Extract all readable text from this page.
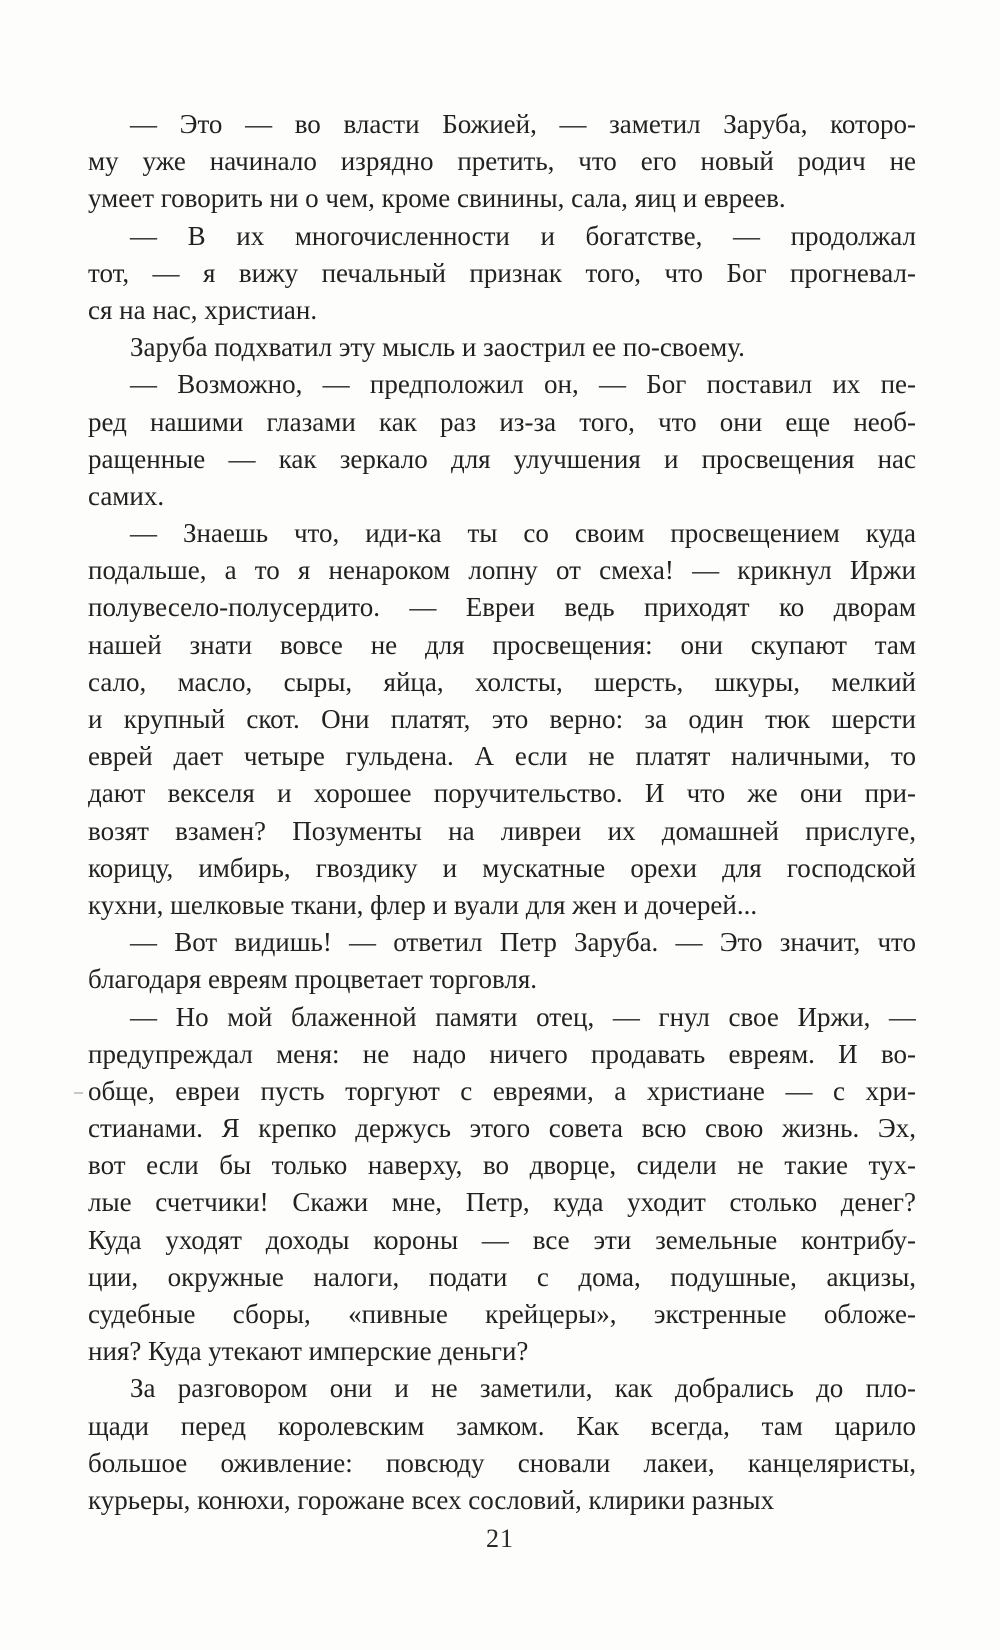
— Это — во власти Божией, — заметил Заруба, которо-
му уже начинало изрядно претить, что его новый родич не
умеет говорить ни о чем, кроме свинины, сала, яиц и евреев.
— В их многочисленности и богатстве, — продолжал
тот, — я вижу печальный признак того, что Бог прогневал-
ся на нас, христиан.
Заруба подхватил эту мысль и заострил ее по-своему.
— Возможно, — предположил он, — Бог поставил их пе-
ред нашими глазами как раз из-за того, что они еще необ-
ращенные — как зеркало для улучшения и просвещения нас
самих.
— Знаешь что, иди-ка ты со своим просвещением куда
подальше, а то я ненароком лопну от смеха! — крикнул Иржи
полувесело-полусердито. — Евреи ведь приходят ко дворам
нашей знати вовсе не для просвещения: они скупают там
сало, масло, сыры, яйца, холсты, шерсть, шкуры, мелкий
и крупный скот. Они платят, это верно: за один тюк шерсти
еврей дает четыре гульдена. А если не платят наличными, то
дают векселя и хорошее поручительство. И что же они при-
возят взамен? Позументы на ливреи их домашней прислуге,
корицу, имбирь, гвоздику и мускатные орехи для господской
кухни, шелковые ткани, флер и вуали для жен и дочерей...
— Вот видишь! — ответил Петр Заруба. — Это значит, что
благодаря евреям процветает торговля.
— Но мой блаженной памяти отец, — гнул свое Иржи, —
предупреждал меня: не надо ничего продавать евреям. И во-
обще, евреи пусть торгуют с евреями, а христиане — с хри-
стианами. Я крепко держусь этого совета всю свою жизнь. Эх,
вот если бы только наверху, во дворце, сидели не такие тух-
лые счетчики! Скажи мне, Петр, куда уходит столько денег?
Куда уходят доходы короны — все эти земельные контрибу-
ции, окружные налоги, подати с дома, подушные, акцизы,
судебные сборы, «пивные крейцеры», экстренные обложе-
ния? Куда утекают имперские деньги?
За разговором они и не заметили, как добрались до пло-
щади перед королевским замком. Как всегда, там царило
большое оживление: повсюду сновали лакеи, канцеляристы,
курьеры, конюхи, горожане всех сословий, клирики разных
21
